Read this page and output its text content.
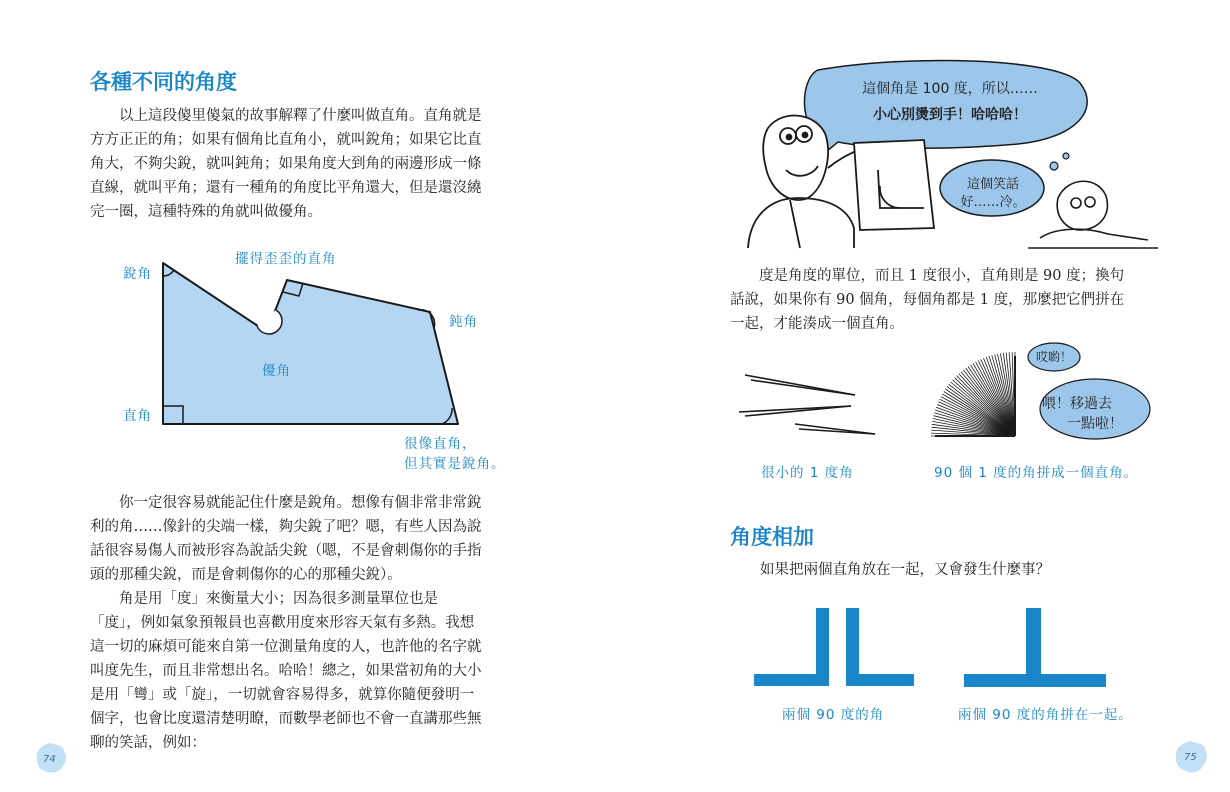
各種不同的角度
以上這段傻里傻氣的故事解釋了什麼叫做直角。直角就是
方方正正的角；如果有個角比直角小，就叫銳角；如果它比直
角大，不夠尖銳，就叫鈍角；如果角度大到角的兩邊形成一條
直線，就叫平角；還有一種角的角度比平角還大，但是還沒繞
完一圈，這種特殊的角就叫做優角。
銳角
擺得歪歪的直角
鈍角
優角
直角
很像直角，
但其實是銳角。
你一定很容易就能記住什麼是銳角。想像有個非常非常銳
利的角……像針的尖端一樣，夠尖銳了吧？嗯，有些人因為說
話很容易傷人而被形容為說話尖銳（嗯，不是會刺傷你的手指
頭的那種尖銳，而是會刺傷你的心的那種尖銳）。
角是用「度」來衡量大小；因為很多測量單位也是
「度」，例如氣象預報員也喜歡用度來形容天氣有多熱。我想
這一切的麻煩可能來自第一位測量角度的人，也許他的名字就
叫度先生，而且非常想出名。哈哈！總之，如果當初角的大小
是用「彎」或「旋」，一切就會容易得多，就算你隨便發明一
個字，也會比度還清楚明瞭，而數學老師也不會一直講那些無
聊的笑話，例如：
74
這個角是 100 度，所以……
小心別燙到手！哈哈哈！
這個笑話
好……冷。
度是角度的單位，而且 1 度很小，直角則是 90 度；換句
話說，如果你有 90 個角，每個角都是 1 度，那麼把它們拼在
一起，才能湊成一個直角。
哎喲！
喂！移過去
一點啦！
很小的 1 度角	90 個 1 度的角拼成一個直角。
角度相加
如果把兩個直角放在一起，又會發生什麼事？
兩個 90 度的角	兩個 90 度的角拼在一起。
75
